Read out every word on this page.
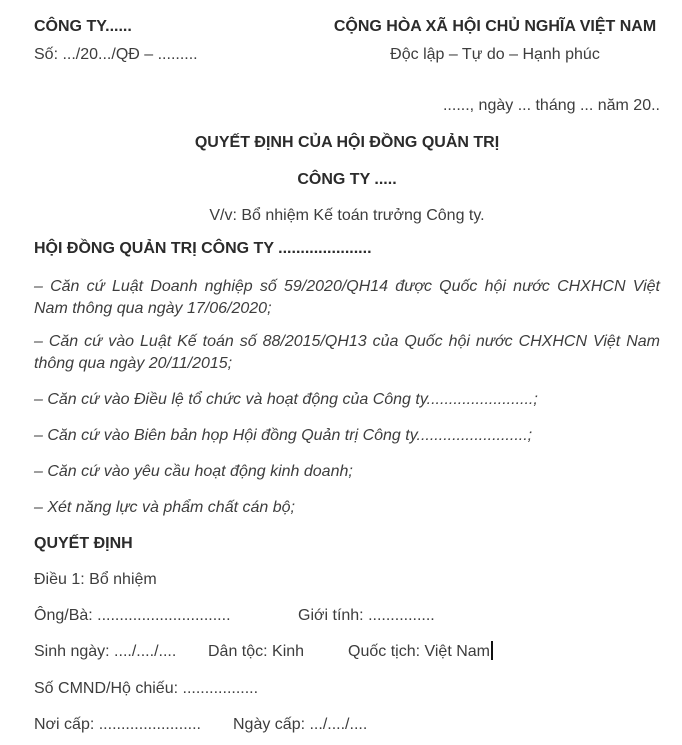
CÔNG TY......

Số: .../20.../QĐ – .........

CỘNG HÒA XÃ HỘI CHỦ NGHĨA VIỆT NAM

Độc lập – Tự do – Hạnh phúc

......, ngày ... tháng ... năm 20..

QUYẾT ĐỊNH CỦA HỘI ĐỒNG QUẢN TRỊ

CÔNG TY .....

V/v: Bổ nhiệm Kế toán trưởng Công ty.

HỘI ĐỒNG QUẢN TRỊ CÔNG TY .....................

– Căn cứ Luật Doanh nghiệp số 59/2020/QH14 được Quốc hội nước CHXHCN Việt Nam thông qua ngày 17/06/2020;

– Căn cứ vào Luật Kế toán số 88/2015/QH13 của Quốc hội nước CHXHCN Việt Nam thông qua ngày 20/11/2015;

– Căn cứ vào Điều lệ tổ chức và hoạt động của Công ty........................;

– Căn cứ vào Biên bản họp Hội đồng Quản trị Công ty.........................;

– Căn cứ vào yêu cầu hoạt động kinh doanh;

– Xét năng lực và phẩm chất cán bộ;

QUYẾT ĐỊNH

Điều 1: Bổ nhiệm

Ông/Bà: ..............................	Giới tính: ...............

Sinh ngày: ..../..../.... Dân tộc: Kinh	Quốc tịch: Việt Nam

Số CMND/Hộ chiếu: .................

Nơi cấp: ....................... Ngày cấp: .../..../....
